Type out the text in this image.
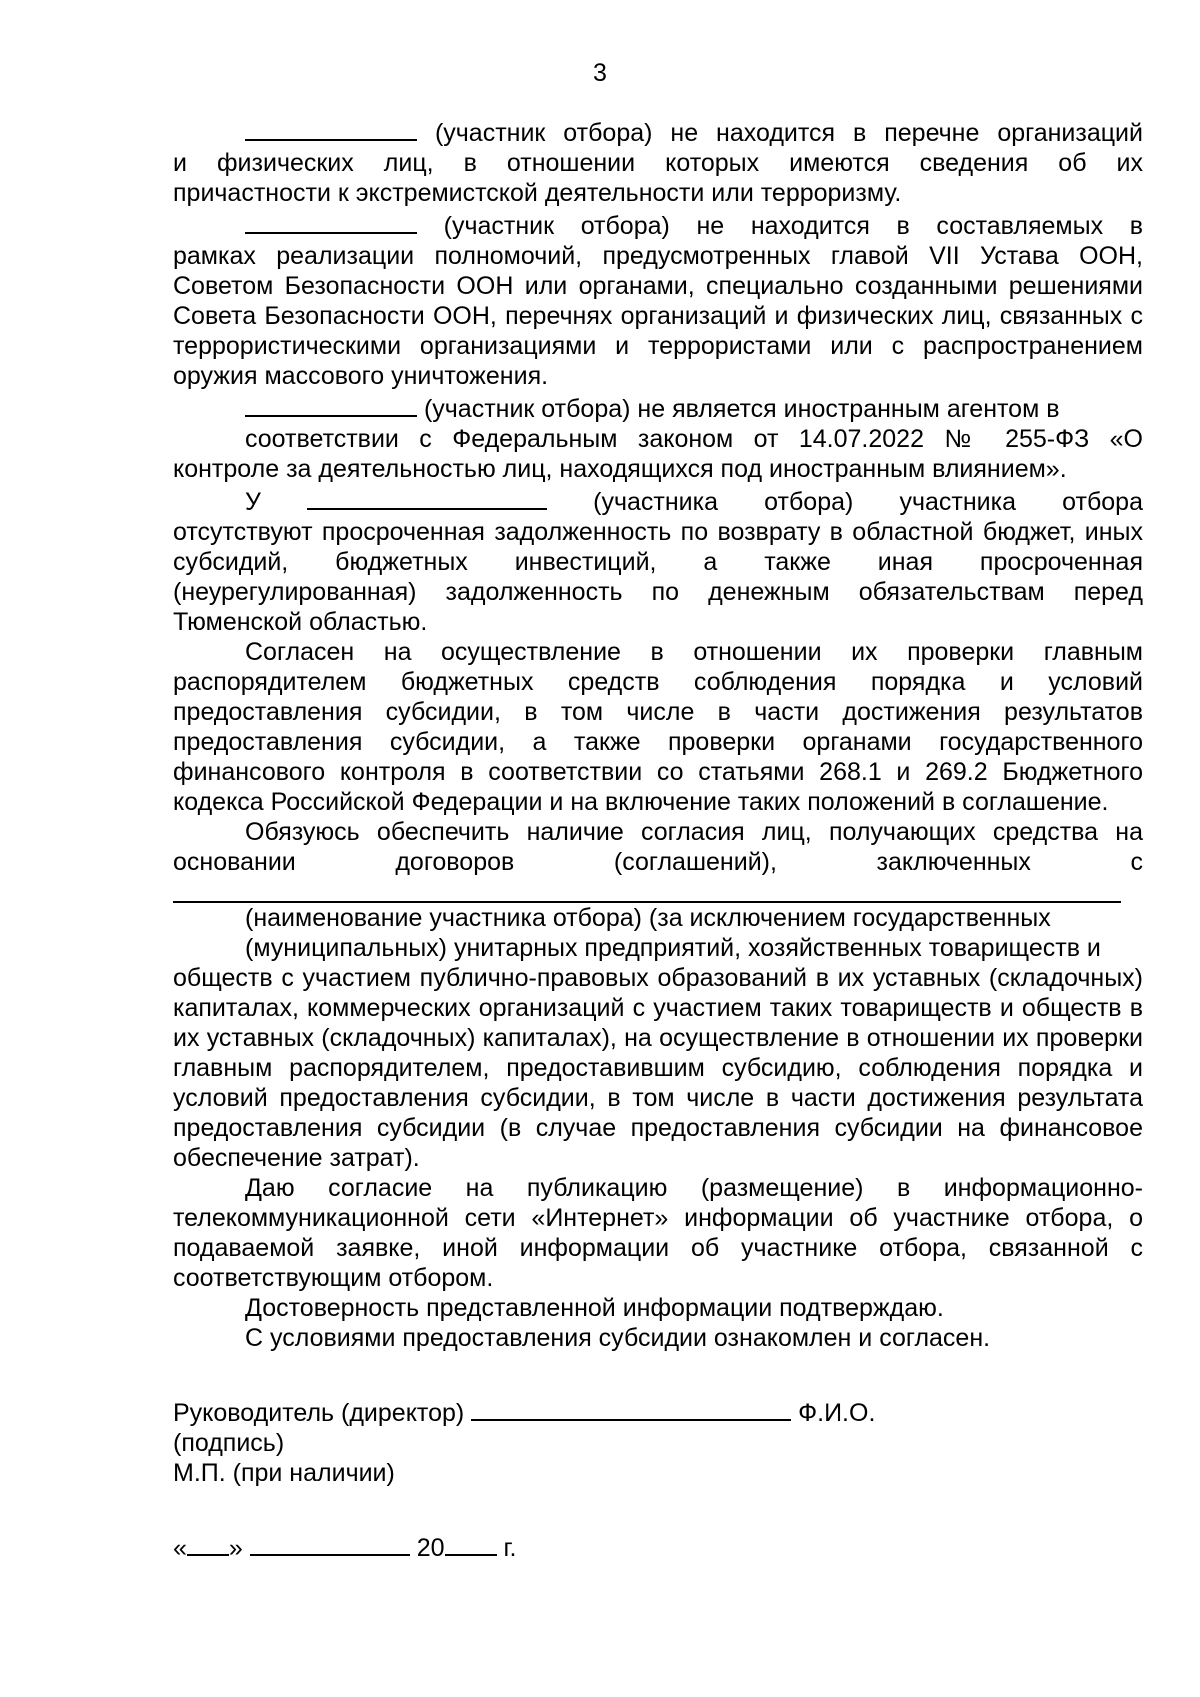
3
(участник отбора) не находится в перечне организаций
и физических лиц, в отношении которых имеются сведения об их
причастности к экстремистской деятельности или терроризму.
(участник отбора) не находится в составляемых в
рамках реализации полномочий, предусмотренных главой VII Устава ООН, Советом Безопасности ООН или органами, специально созданными решениями Совета Безопасности ООН, перечнях организаций и физических лиц, связанных с террористическими организациями и террористами или с распространением оружия массового уничтожения.
(участник отбора) не является иностранным агентом в
соответствии с Федеральным законом от 14.07.2022 № 255-ФЗ «О
контроле за деятельностью лиц, находящихся под иностранным влиянием».
У	(участника отбора) участника отбора
отсутствуют просроченная задолженность по возврату в областной бюджет, иных субсидий, бюджетных инвестиций, а также иная просроченная (неурегулированная) задолженность по денежным обязательствам перед Тюменской областью.
Согласен на осуществление в отношении их проверки главным распорядителем бюджетных средств соблюдения порядка и условий предоставления субсидии, в том числе в части достижения результатов предоставления субсидии, а также проверки органами государственного финансового контроля в соответствии со статьями 268.1 и 269.2 Бюджетного кодекса Российской Федерации и на включение таких положений в соглашение.
Обязуюсь обеспечить наличие согласия лиц, получающих средства на
основании договоров (соглашений), заключенных с
(наименование участника отбора) (за исключением государственных
(муниципальных) унитарных предприятий, хозяйственных товариществ и
обществ с участием публично-правовых образований в их уставных (складочных) капиталах, коммерческих организаций с участием таких товариществ и обществ в их уставных (складочных) капиталах), на осуществление в отношении их проверки главным распорядителем, предоставившим субсидию, соблюдения порядка и условий предоставления субсидии, в том числе в части достижения результата предоставления субсидии (в случае предоставления субсидии на финансовое обеспечение затрат).
Даю согласие на публикацию (размещение) в информационно-телекоммуникационной сети «Интернет» информации об участнике отбора, о подаваемой заявке, иной информации об участнике отбора, связанной с соответствующим отбором.
Достоверность представленной информации подтверждаю.
С условиями предоставления субсидии ознакомлен и согласен.
Руководитель (директор)	Ф.И.О.
(подпись)
М.П. (при наличии)
« »	20 г.
